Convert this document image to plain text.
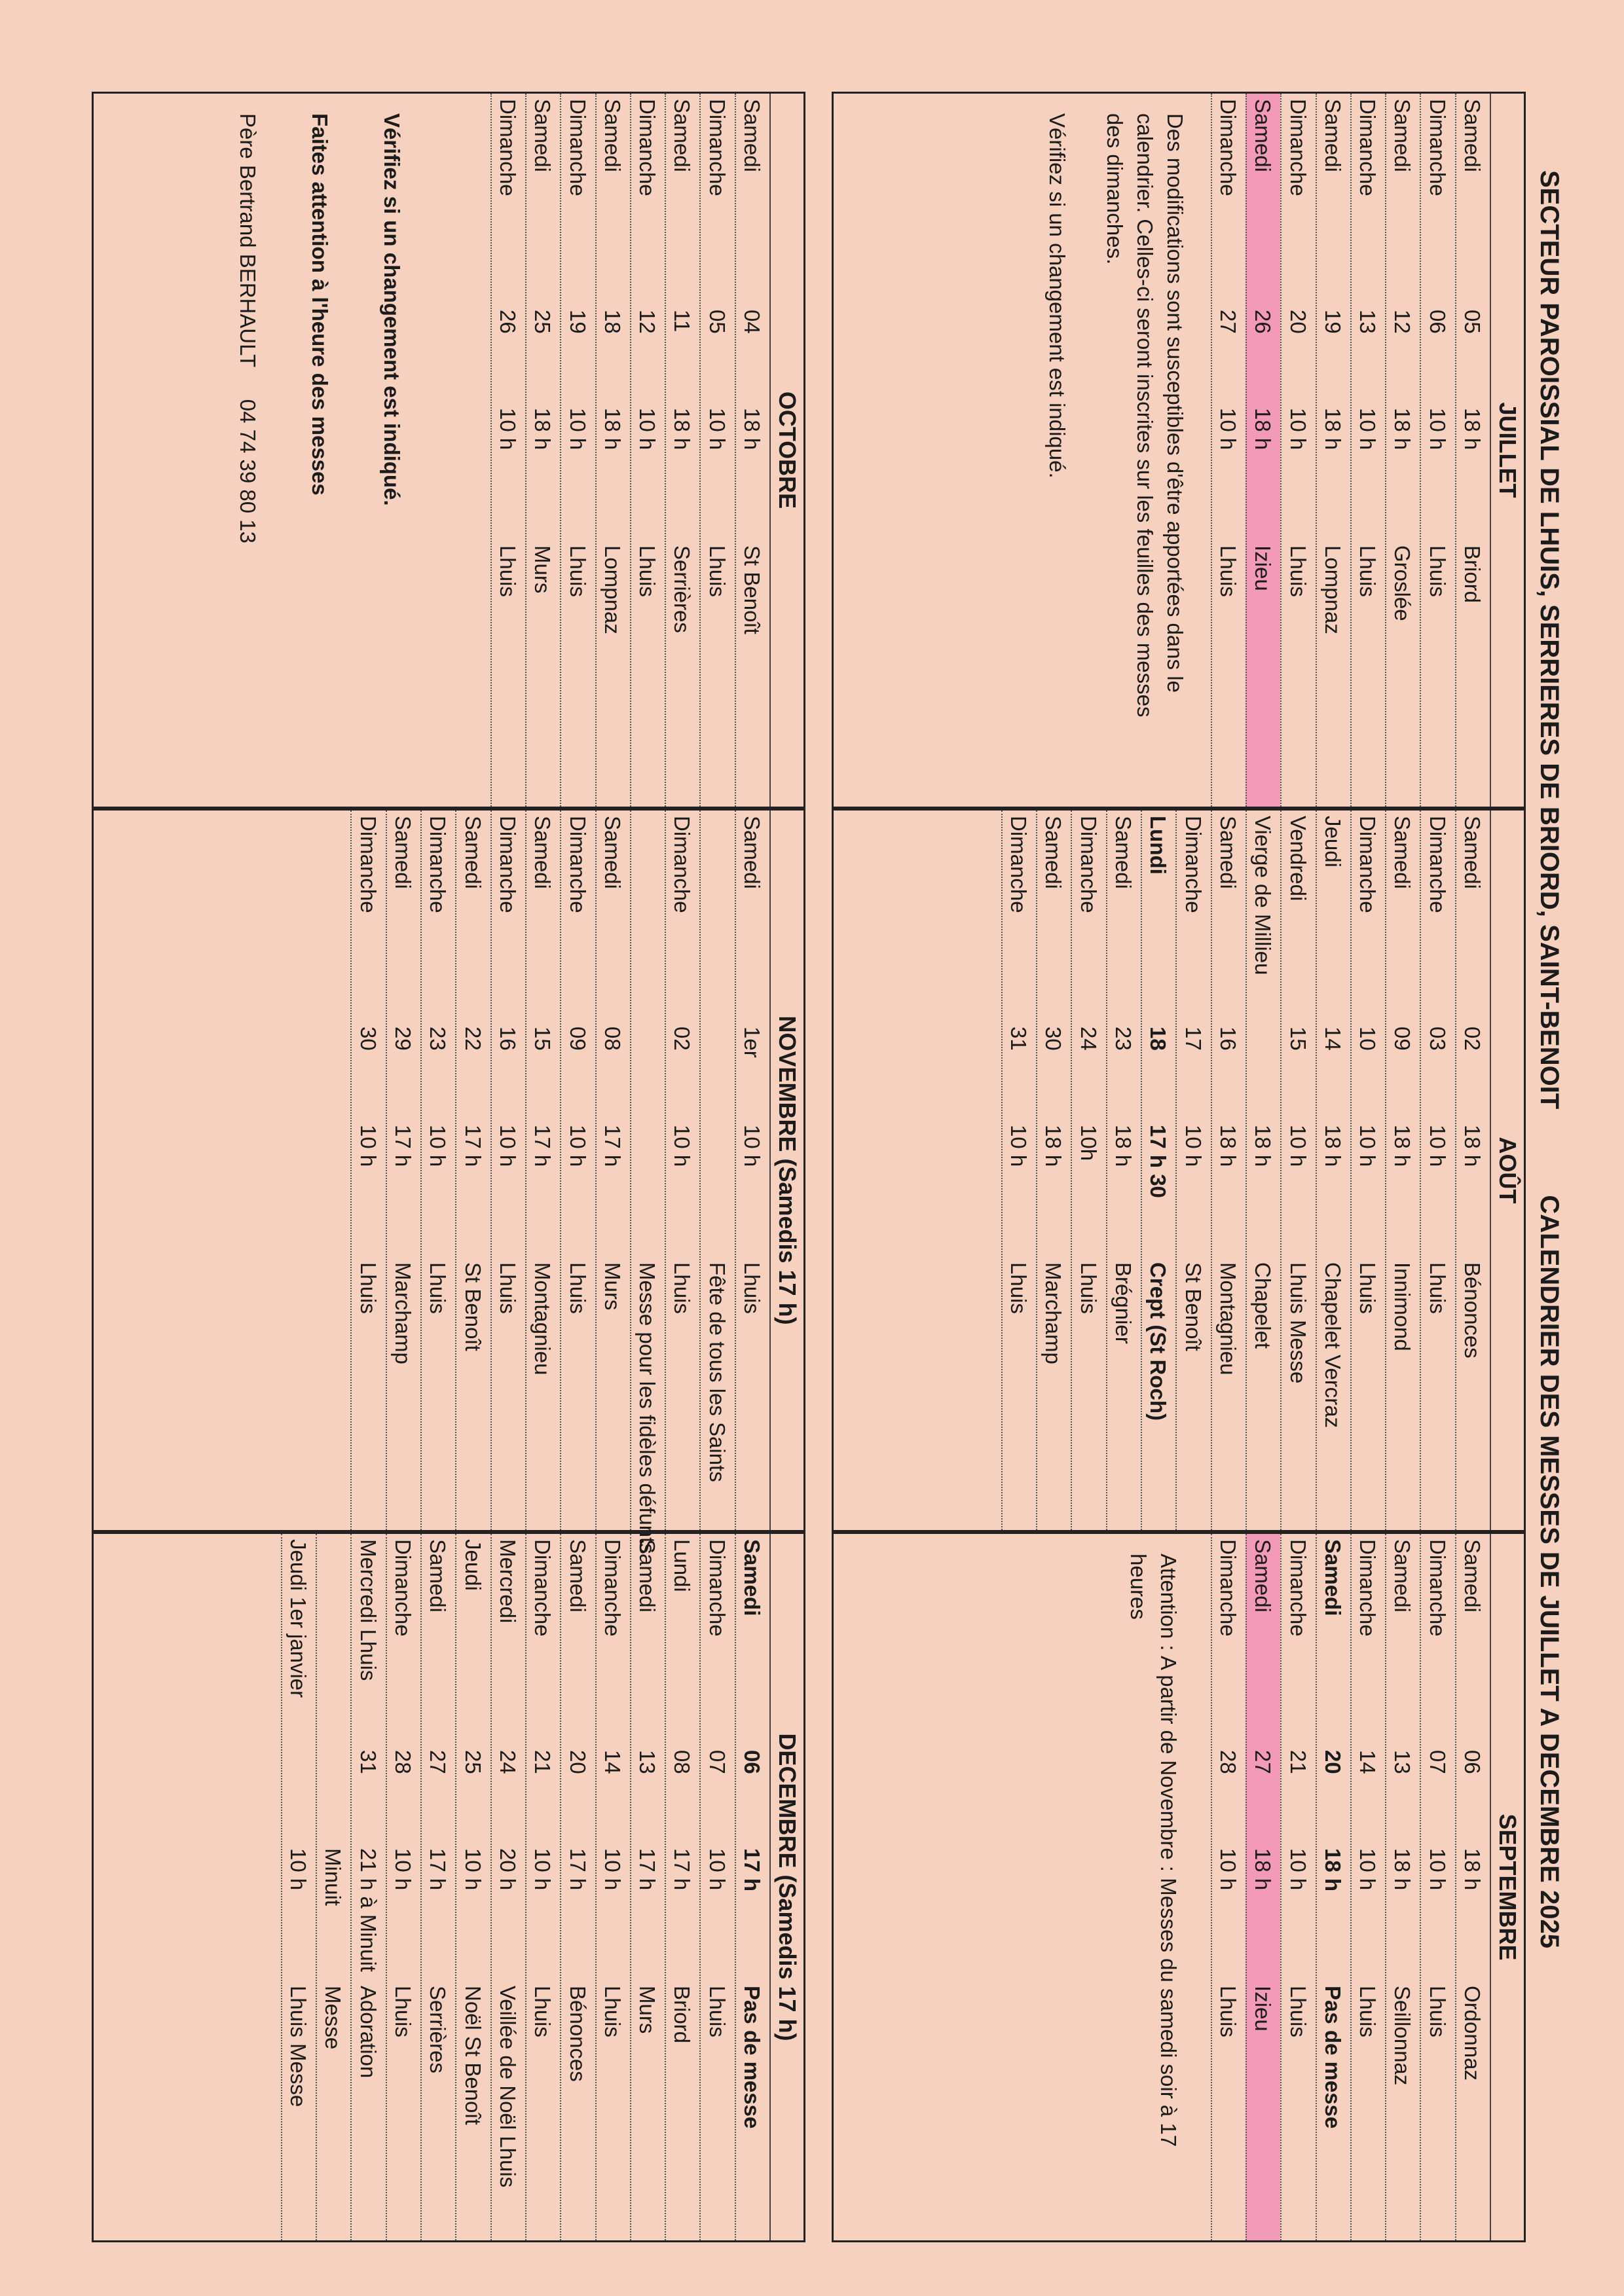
SECTEUR PAROISSIAL DE LHUIS, SERRIERES DE BRIORD, SAINT-BENOIT CALENDRIER DES MESSES DE JUILLET A DECEMBRE 2025
JUILLET
Samedi
05
18 h
Briord
Dimanche
06
10 h
Lhuis
Samedi
12
18 h
Groslée
Dimanche
13
10 h
Lhuis
Samedi
19
18 h
Lompnaz
Dimanche
20
10 h
Lhuis
Samedi
26
18 h
Izieu
Dimanche
27
10 h
Lhuis
Des modifications sont susceptibles d'être apportées dans le calendrier. Celles-ci seront inscrites sur les feuilles des messes des dimanches.
Vérifiez si un changement est indiqué.
AOÛT
Samedi
02
18 h
Bénonces
Dimanche
03
10 h
Lhuis
Samedi
09
18 h
Innimond
Dimanche
10
10 h
Lhuis
Jeudi
14
18 h
Chapelet Vercraz
Vendredi
15
10 h
Lhuis Messe
Vierge de Millieu
18 h
Chapelet
Samedi
16
18 h
Montagnieu
Dimanche
17
10 h
St Benoît
Lundi
18
17 h 30
Crept (St Roch)
Samedi
23
18 h
Brégnier
Dimanche
24
10h
Lhuis
Samedi
30
18 h
Marchamp
Dimanche
31
10 h
Lhuis
SEPTEMBRE
Samedi
06
18 h
Ordonnaz
Dimanche
07
10 h
Lhuis
Samedi
13
18 h
Seillonnaz
Dimanche
14
10 h
Lhuis
Samedi
20
18 h
Pas de messe
Dimanche
21
10 h
Lhuis
Samedi
27
18 h
Izieu
Dimanche
28
10 h
Lhuis
Attention : A partir de Novembre : Messes du samedi soir à 17 heures
OCTOBRE
Samedi
04
18 h
St Benoît
Dimanche
05
10 h
Lhuis
Samedi
11
18 h
Serrières
Dimanche
12
10 h
Lhuis
Samedi
18
18 h
Lompnaz
Dimanche
19
10 h
Lhuis
Samedi
25
18 h
Murs
Dimanche
26
10 h
Lhuis
Vérifiez si un changement est indiqué.
Faites attention à l'heure des messes
Père Bertrand BERHAULT 04 74 39 80 13
NOVEMBRE (Samedis 17 h)
Samedi
1er
10 h
Lhuis
Fête de tous les Saints
Dimanche
02
10 h
Lhuis
Messe pour les fidèles défunts
Samedi
08
17 h
Murs
Dimanche
09
10 h
Lhuis
Samedi
15
17 h
Montagnieu
Dimanche
16
10 h
Lhuis
Samedi
22
17 h
St Benoît
Dimanche
23
10 h
Lhuis
Samedi
29
17 h
Marchamp
Dimanche
30
10 h
Lhuis
DECEMBRE (Samedis 17 h)
Samedi
06
17 h
Pas de messe
Dimanche
07
10 h
Lhuis
Lundi
08
17 h
Briord
Samedi
13
17 h
Murs
Dimanche
14
10 h
Lhuis
Samedi
20
17 h
Bénonces
Dimanche
21
10 h
Lhuis
Mercredi
24
20 h
Veillée de Noël Lhuis
Jeudi
25
10 h
Noël St Benoît
Samedi
27
17 h
Serrières
Dimanche
28
10 h
Lhuis
Mercredi Lhuis
31
21 h à Minuit
Adoration
Minuit
Messe
Jeudi 1er janvier
10 h
Lhuis Messe
